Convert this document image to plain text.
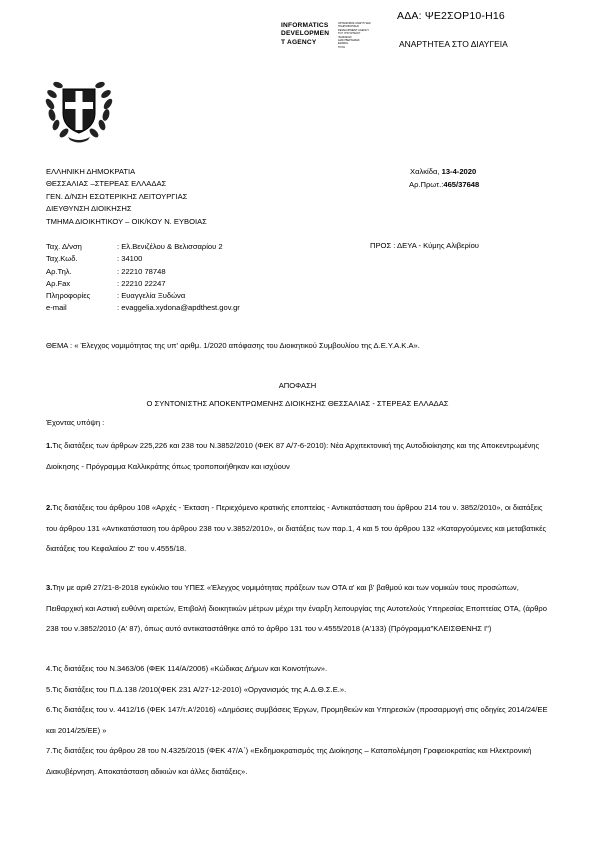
ΑΔΑ: ΨΕ2ΣΟΡ10-Η16
ΑΝΑΡΤΗΤΕΑ ΣΤΟ ΔΙΑΥΓΕΙΑ
INFORMATICS
DEVELOPMEN
T AGENCY
ΟΡΓΑΝΙΣΜΟΣ ΑΝΑΠΤΥΞΗΣ
ΠΛΗΡΟΦΟΡΙΚΗΣ
DEVELOPMENT AGENCY
ΤΟΥ ΥΠΟΥΡΓΕΙΟΥ
ΨΗΦΙΑΚΗΣ
ΔΙΑΚΥΒΕΡΝΗΣΗΣ
ΕΘΝΙΚΗ
ΠΥΛΗ
ΕΛΛΗΝΙΚΗ ΔΗΜΟΚΡΑΤΙΑ
ΘΕΣΣΑΛΙΑΣ –ΣΤΕΡΕΑΣ ΕΛΛΑΔΑΣ
ΓΕΝ. Δ/ΝΣΗ ΕΣΩΤΕΡΙΚΗΣ ΛΕΙΤΟΥΡΓΙΑΣ
ΔΙΕΥΘΥΝΣΗ ΔΙΟΙΚΗΣΗΣ
ΤΜΗΜΑ ΔΙΟΙΚΗΤΙΚΟΥ – ΟΙΚ/ΚΟΥ Ν. ΕΥΒΟΙΑΣ
Χαλκίδα, 13-4-2020
Αρ.Πρωτ.:465/37648
Ταχ. Δ/νση	: Ελ.Βενιζέλου & Βελισσαρίου 2
Ταχ.Κωδ.	: 34100
Αρ.Τηλ.	: 22210 78748
Αρ.Fax	: 22210 22247
Πληροφορίες	: Ευαγγελία Ξυδώνα
e-mail	: evaggelia.xydona@apdthest.gov.gr
ΠΡΟΣ : ΔΕΥΑ - Κύμης Αλιβερίου
ΘΕΜΑ : « Έλεγχος νομιμότητας της υπ' αριθμ. 1/2020 απόφασης του Διοικητικού Συμβουλίου της Δ.Ε.Υ.Α.Κ.Α».
ΑΠΟΦΑΣΗ
Ο ΣΥΝΤΟΝΙΣΤΗΣ ΑΠΟΚΕΝΤΡΩΜΕΝΗΣ ΔΙΟΙΚΗΣΗΣ ΘΕΣΣΑΛΙΑΣ - ΣΤΕΡΕΑΣ ΕΛΛΑΔΑΣ
Έχοντας υπόψη :

1.Τις διατάξεις των άρθρων 225,226 και 238 του Ν.3852/2010 (ΦΕΚ 87 Α/7-6-2010): Νέα Αρχιτεκτονική της Αυτοδιοίκησης και της Αποκεντρωμένης Διοίκησης - Πρόγραμμα Καλλικράτης όπως τροποποιήθηκαν και ισχύουν

2.Τις διατάξεις του άρθρου 108 «Αρχές - Έκταση - Περιεχόμενο κρατικής εποπτείας - Αντικατάσταση του άρθρου 214 του ν. 3852/2010», οι διατάξεις του άρθρου 131 «Αντικατάσταση του άρθρου 238 του ν.3852/2010», οι διατάξεις των παρ.1, 4 και 5 του άρθρου 132 «Καταργούμενες και μεταβατικές διατάξεις του Κεφαλαίου Ζ' του ν.4555/18.

3.Την με αριθ 27/21-8-2018 εγκύκλιο του ΥΠΕΣ «Έλεγχος νομιμότητας πράξεων των ΟΤΑ α' και β' βαθμού και των νομικών τους προσώπων, Πειθαρχική και Αστική ευθύνη αιρετών, Επιβολή διοικητικών μέτρων μέχρι την έναρξη λειτουργίας της Αυτοτελούς Υπηρεσίας Εποπτείας ΟΤΑ, (άρθρο 238 του ν.3852/2010 (Α' 87), όπως αυτό αντικαταστάθηκε από το άρθρο 131 του ν.4555/2018 (Α'133) (Πρόγραμμα"ΚΛΕΙΣΘΕΝΗΣ Ι")

4.Τις διατάξεις του Ν.3463/06 (ΦΕΚ 114/Α/2006) «Κώδικας Δήμων και Κοινοτήτων».

5.Τις διατάξεις του Π.Δ.138 /2010(ΦΕΚ 231 Α/27-12-2010) «Οργανισμός της Α.Δ.Θ.Σ.Ε.».

6.Τις διατάξεις του ν. 4412/16 (ΦΕΚ 147/τ.Α'/2016) «Δημόσιες συμβάσεις Έργων, Προμηθειών και Υπηρεσιών (προσαρμογή στις οδηγίες 2014/24/ΕΕ και 2014/25/ΕΕ) »

7.Τις διατάξεις του άρθρου 28 του Ν.4325/2015 (ΦΕΚ 47/Α΄) «Εκδημοκρατισμός της Διοίκησης – Καταπολέμηση Γραφειοκρατίας και Ηλεκτρονική Διακυβέρνηση. Αποκατάσταση αδικιών και άλλες διατάξεις».
